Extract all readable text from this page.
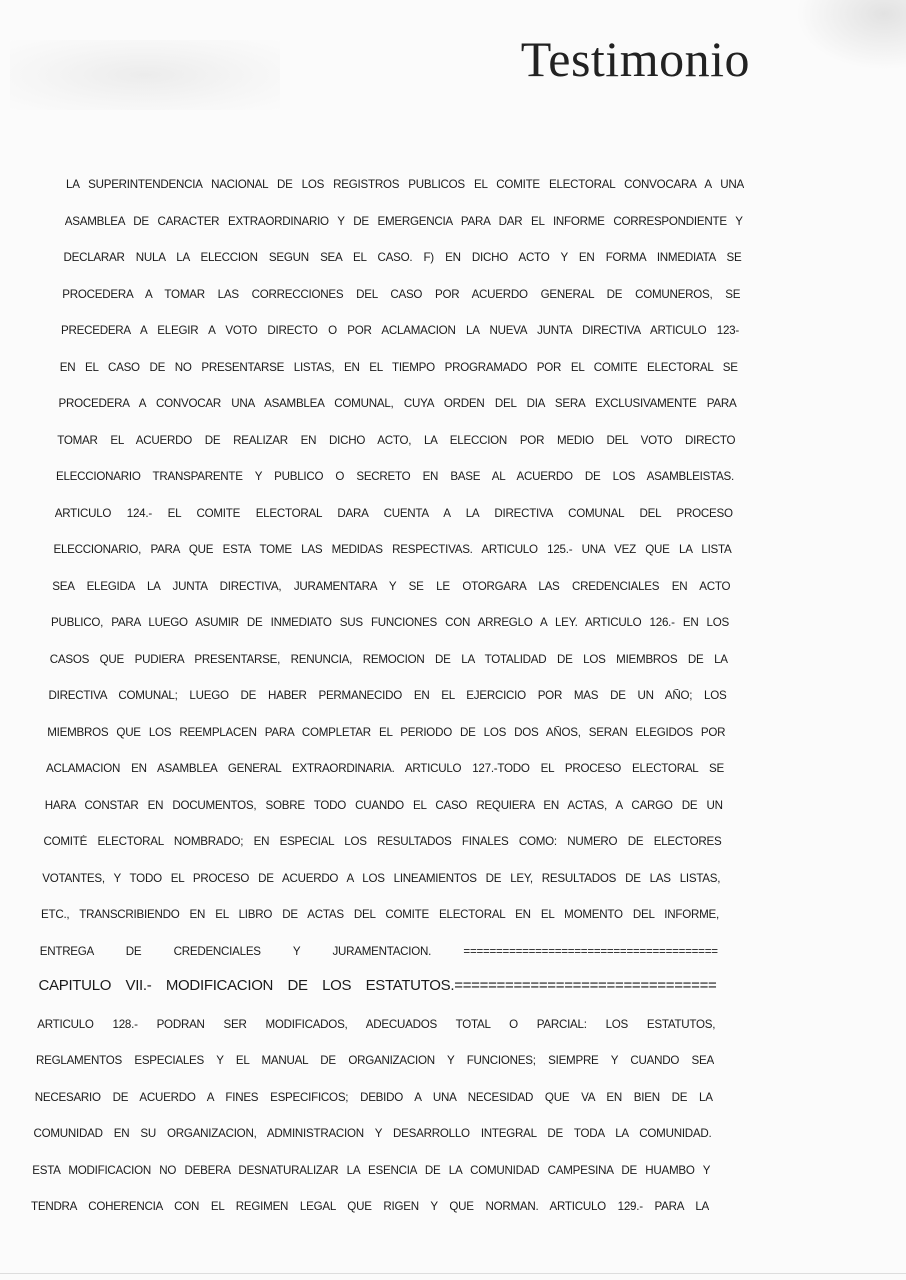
Testimonio
LA SUPERINTENDENCIA NACIONAL DE LOS REGISTROS PUBLICOS EL COMITE ELECTORAL CONVOCARA A UNA
ASAMBLEA DE CARACTER EXTRAORDINARIO Y DE EMERGENCIA PARA DAR EL INFORME CORRESPONDIENTE Y
DECLARAR NULA LA ELECCION SEGUN SEA EL CASO. F) EN DICHO ACTO Y EN FORMA INMEDIATA SE
PROCEDERA A TOMAR LAS CORRECCIONES DEL CASO POR ACUERDO GENERAL DE COMUNEROS, SE
PRECEDERA A ELEGIR A VOTO DIRECTO O POR ACLAMACION LA NUEVA JUNTA DIRECTIVA ARTICULO 123-
EN EL CASO DE NO PRESENTARSE LISTAS, EN EL TIEMPO PROGRAMADO POR EL COMITE ELECTORAL SE
PROCEDERA A CONVOCAR UNA ASAMBLEA COMUNAL, CUYA ORDEN DEL DIA SERA EXCLUSIVAMENTE PARA
TOMAR EL ACUERDO DE REALIZAR EN DICHO ACTO, LA ELECCION POR MEDIO DEL VOTO DIRECTO
ELECCIONARIO TRANSPARENTE Y PUBLICO O SECRETO EN BASE AL ACUERDO DE LOS ASAMBLEISTAS.
ARTICULO 124.- EL COMITE ELECTORAL DARA CUENTA A LA DIRECTIVA COMUNAL DEL PROCESO
ELECCIONARIO, PARA QUE ESTA TOME LAS MEDIDAS RESPECTIVAS. ARTICULO 125.- UNA VEZ QUE LA LISTA
SEA ELEGIDA LA JUNTA DIRECTIVA, JURAMENTARA Y SE LE OTORGARA LAS CREDENCIALES EN ACTO
PUBLICO, PARA LUEGO ASUMIR DE INMEDIATO SUS FUNCIONES CON ARREGLO A LEY. ARTICULO 126.- EN LOS
CASOS QUE PUDIERA PRESENTARSE, RENUNCIA, REMOCION DE LA TOTALIDAD DE LOS MIEMBROS DE LA
DIRECTIVA COMUNAL; LUEGO DE HABER PERMANECIDO EN EL EJERCICIO POR MAS DE UN AÑO; LOS
MIEMBROS QUE LOS REEMPLACEN PARA COMPLETAR EL PERIODO DE LOS DOS AÑOS, SERAN ELEGIDOS POR
ACLAMACION EN ASAMBLEA GENERAL EXTRAORDINARIA. ARTICULO 127.-TODO EL PROCESO ELECTORAL SE
HARA CONSTAR EN DOCUMENTOS, SOBRE TODO CUANDO EL CASO REQUIERA EN ACTAS, A CARGO DE UN
COMITÉ ELECTORAL NOMBRADO; EN ESPECIAL LOS RESULTADOS FINALES COMO: NUMERO DE ELECTORES
VOTANTES, Y TODO EL PROCESO DE ACUERDO A LOS LINEAMIENTOS DE LEY, RESULTADOS DE LAS LISTAS,
ETC., TRANSCRIBIENDO EN EL LIBRO DE ACTAS DEL COMITE ELECTORAL EN EL MOMENTO DEL INFORME,
ENTREGA DE CREDENCIALES Y JURAMENTACION. =======================================
CAPITULO VII.- MODIFICACION DE LOS ESTATUTOS.===============================
ARTICULO 128.- PODRAN SER MODIFICADOS, ADECUADOS TOTAL O PARCIAL: LOS ESTATUTOS,
REGLAMENTOS ESPECIALES Y EL MANUAL DE ORGANIZACION Y FUNCIONES; SIEMPRE Y CUANDO SEA
NECESARIO DE ACUERDO A FINES ESPECIFICOS; DEBIDO A UNA NECESIDAD QUE VA EN BIEN DE LA
COMUNIDAD EN SU ORGANIZACION, ADMINISTRACION Y DESARROLLO INTEGRAL DE TODA LA COMUNIDAD.
ESTA MODIFICACION NO DEBERA DESNATURALIZAR LA ESENCIA DE LA COMUNIDAD CAMPESINA DE HUAMBO Y
TENDRA COHERENCIA CON EL REGIMEN LEGAL QUE RIGEN Y QUE NORMAN. ARTICULO 129.- PARA LA
